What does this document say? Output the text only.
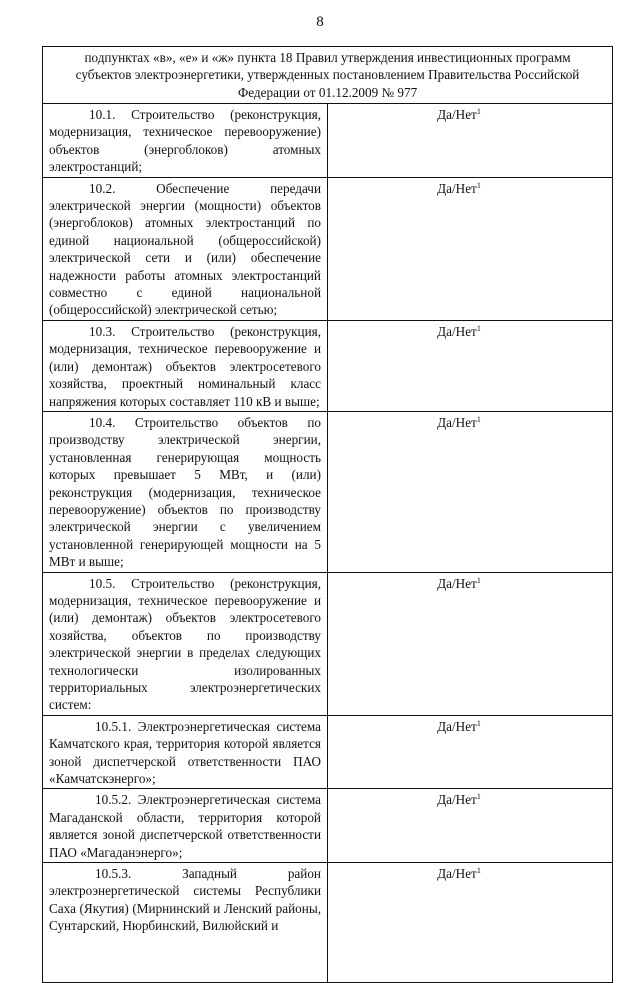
8
подпунктах «в», «е» и «ж» пункта 18 Правил утверждения инвестиционных программ субъектов электроэнергетики, утвержденных постановлением Правительства Российской Федерации от 01.12.2009 № 977	
10.1. Строительство (реконструкция, модернизация, техническое перевооружение) объектов (энергоблоков) атомных электростанций;	Да/Нет$^1$
10.2. Обеспечение передачи электрической энергии (мощности) объектов (энергоблоков) атомных электростанций по единой национальной (общероссийской) электрической сети и (или) обеспечение надежности работы атомных электростанций совместно с единой национальной (общероссийской) электрической сетью;	Да/Нет$^1$
10.3. Строительство (реконструкция, модернизация, техническое перевооружение и (или) демонтаж) объектов электросетевого хозяйства, проектный номинальный класс напряжения которых составляет 110 кВ и выше;	Да/Нет$^1$
10.4. Строительство объектов по производству электрической энергии, установленная генерирующая мощность которых превышает 5 МВт, и (или) реконструкция (модернизация, техническое перевооружение) объектов по производству электрической энергии с увеличением установленной генерирующей мощности на 5 МВт и выше;	Да/Нет$^1$
10.5. Строительство (реконструкция, модернизация, техническое перевооружение и (или) демонтаж) объектов электросетевого хозяйства, объектов по производству электрической энергии в пределах следующих технологически изолированных территориальных электроэнергетических систем:	Да/Нет$^1$
10.5.1. Электроэнергетическая система Камчатского края, территория которой является зоной диспетчерской ответственности ПАО «Камчатскэнерго»;	Да/Нет$^1$
10.5.2. Электроэнергетическая система Магаданской области, территория которой является зоной диспетчерской ответственности ПАО «Магаданэнерго»;	Да/Нет$^1$
10.5.3. Западный район электроэнергетической системы Республики Саха (Якутия) (Мирнинский и Ленский районы, Сунтарский, Нюрбинский, Вилюйский и	Да/Нет$^1$
